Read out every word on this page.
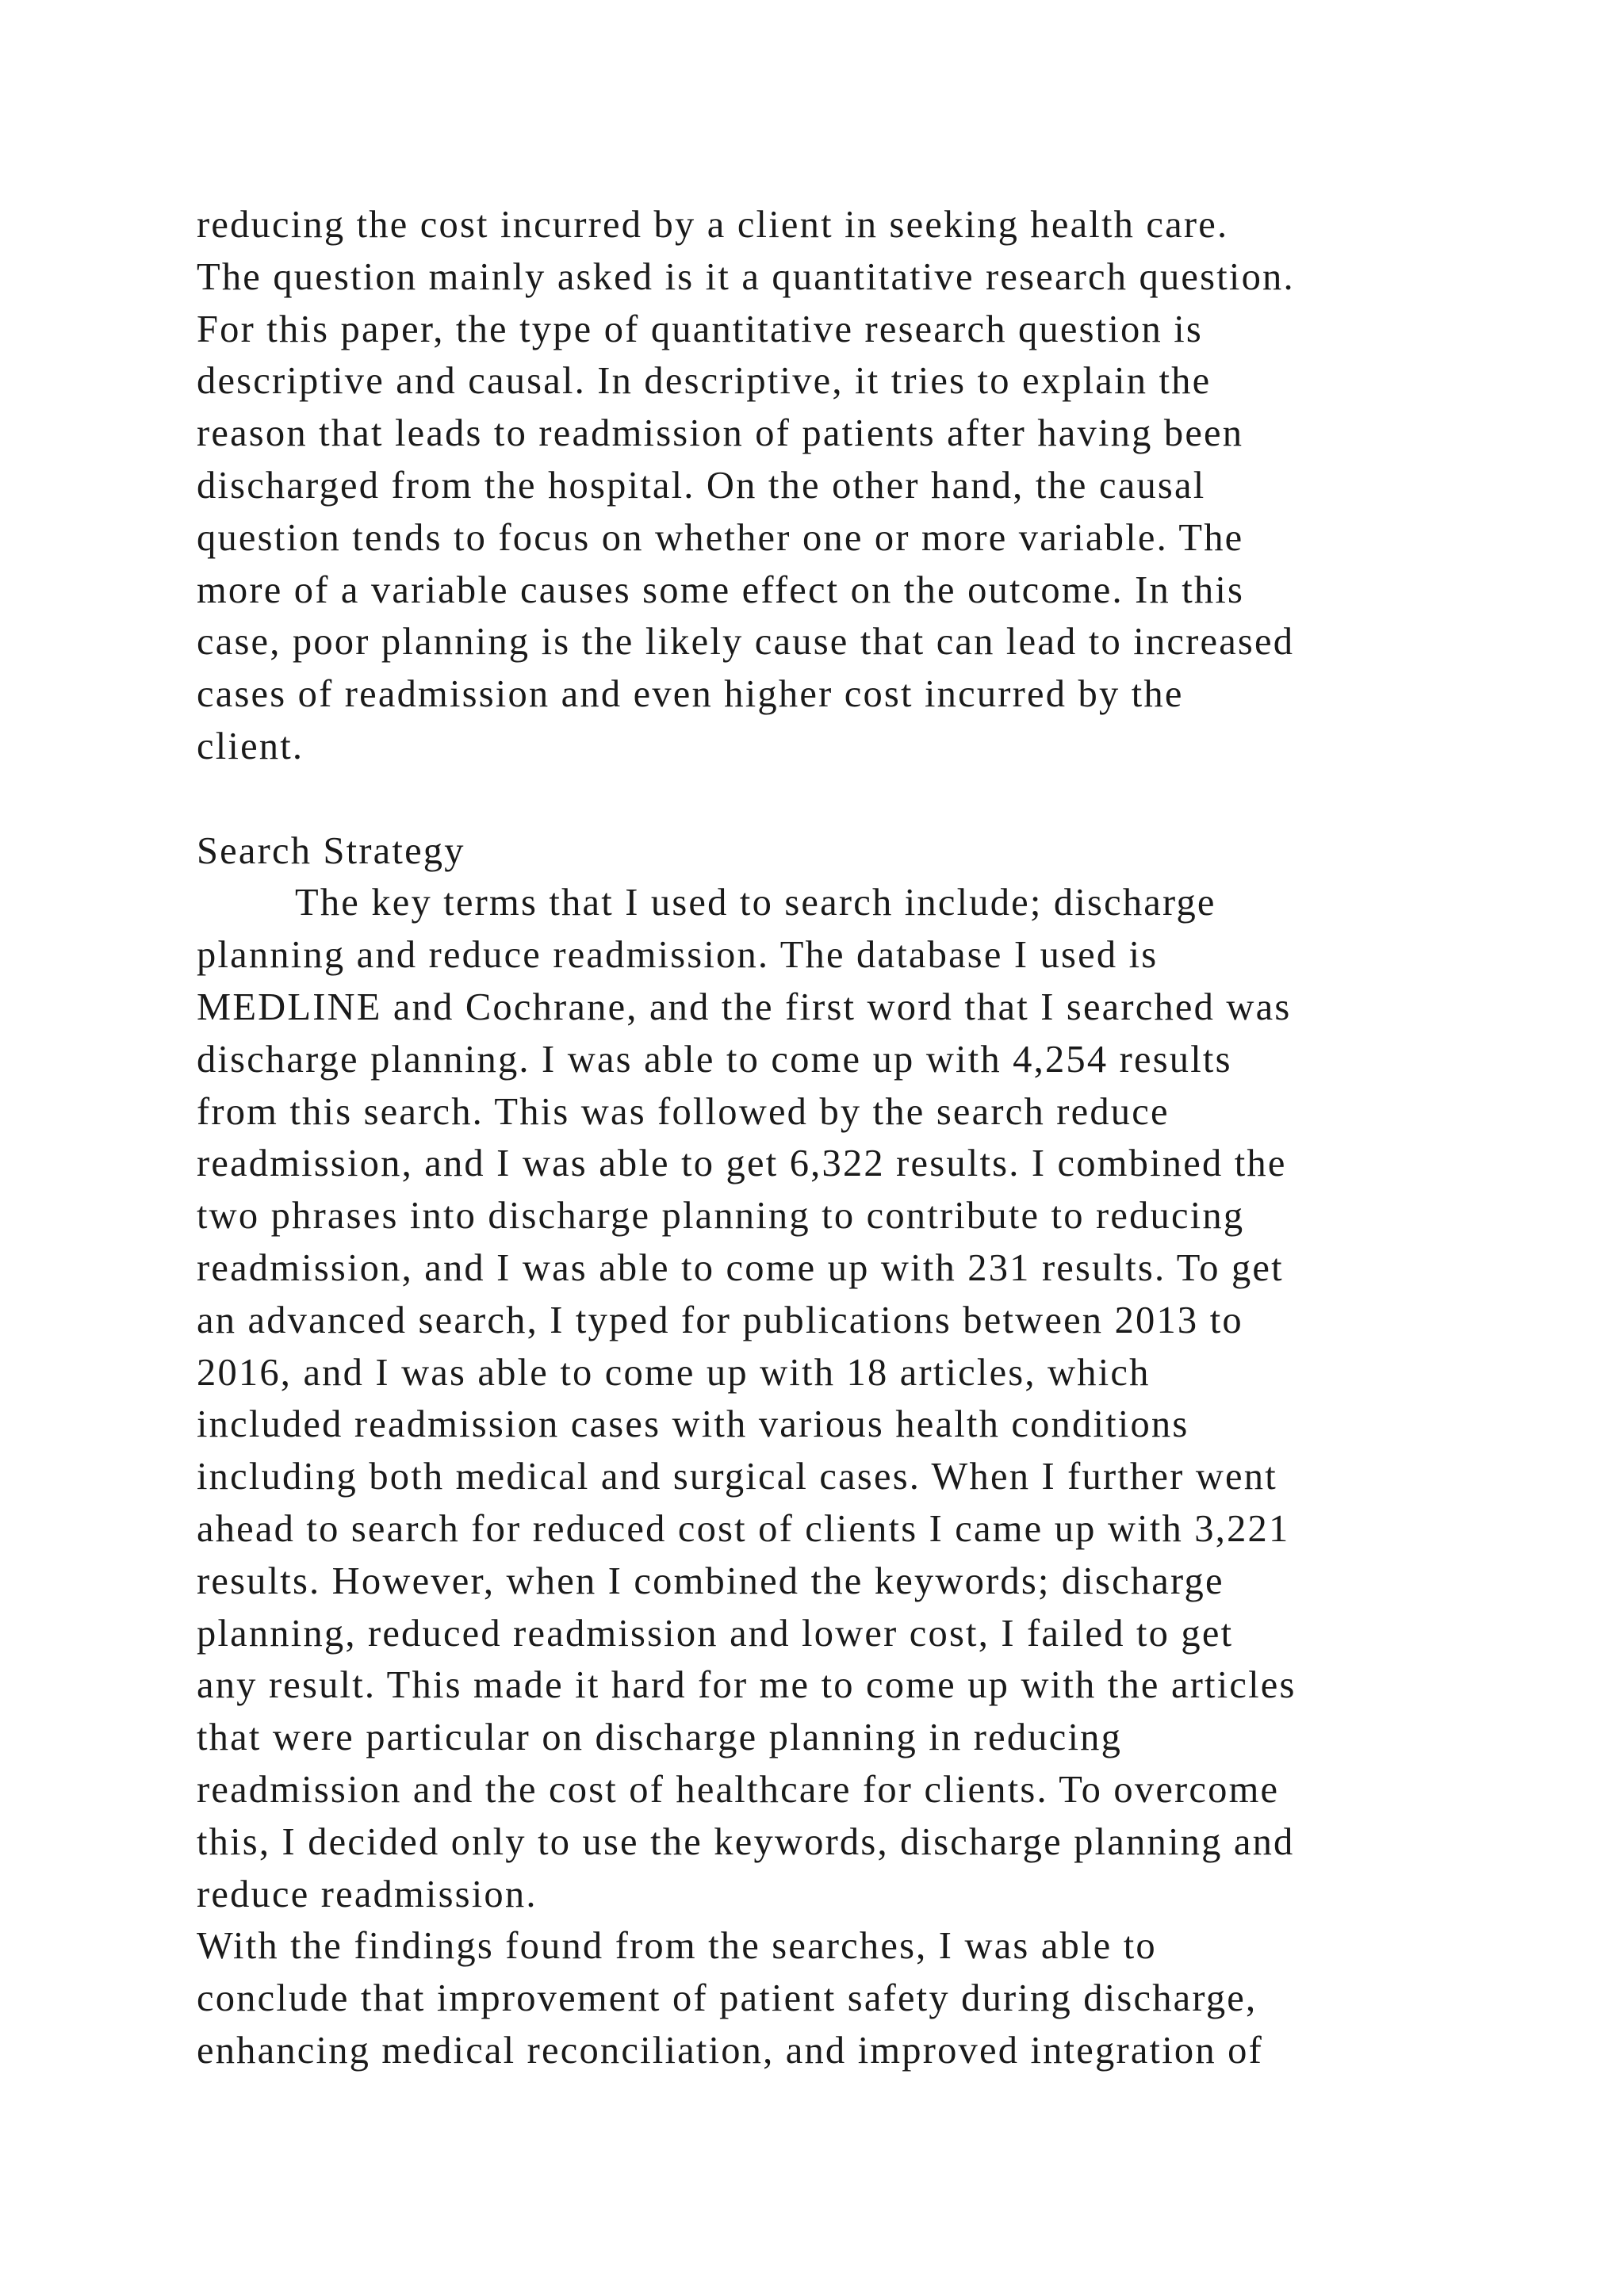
reducing the cost incurred by a client in seeking health care.
The question mainly asked is it a quantitative research question.
For this paper, the type of quantitative research question is
descriptive and causal. In descriptive, it tries to explain the
reason that leads to readmission of patients after having been
discharged from the hospital. On the other hand, the causal
question tends to focus on whether one or more variable. The
more of a variable causes some effect on the outcome. In this
case, poor planning is the likely cause that can lead to increased
cases of readmission and even higher cost incurred by the
client.
Search Strategy
The key terms that I used to search include; discharge
planning and reduce readmission. The database I used is
MEDLINE and Cochrane, and the first word that I searched was
discharge planning. I was able to come up with 4,254 results
from this search. This was followed by the search reduce
readmission, and I was able to get 6,322 results. I combined the
two phrases into discharge planning to contribute to reducing
readmission, and I was able to come up with 231 results. To get
an advanced search, I typed for publications between 2013 to
2016, and I was able to come up with 18 articles, which
included readmission cases with various health conditions
including both medical and surgical cases. When I further went
ahead to search for reduced cost of clients I came up with 3,221
results. However, when I combined the keywords; discharge
planning, reduced readmission and lower cost, I failed to get
any result. This made it hard for me to come up with the articles
that were particular on discharge planning in reducing
readmission and the cost of healthcare for clients. To overcome
this, I decided only to use the keywords, discharge planning and
reduce readmission.
With the findings found from the searches, I was able to
conclude that improvement of patient safety during discharge,
enhancing medical reconciliation, and improved integration of
